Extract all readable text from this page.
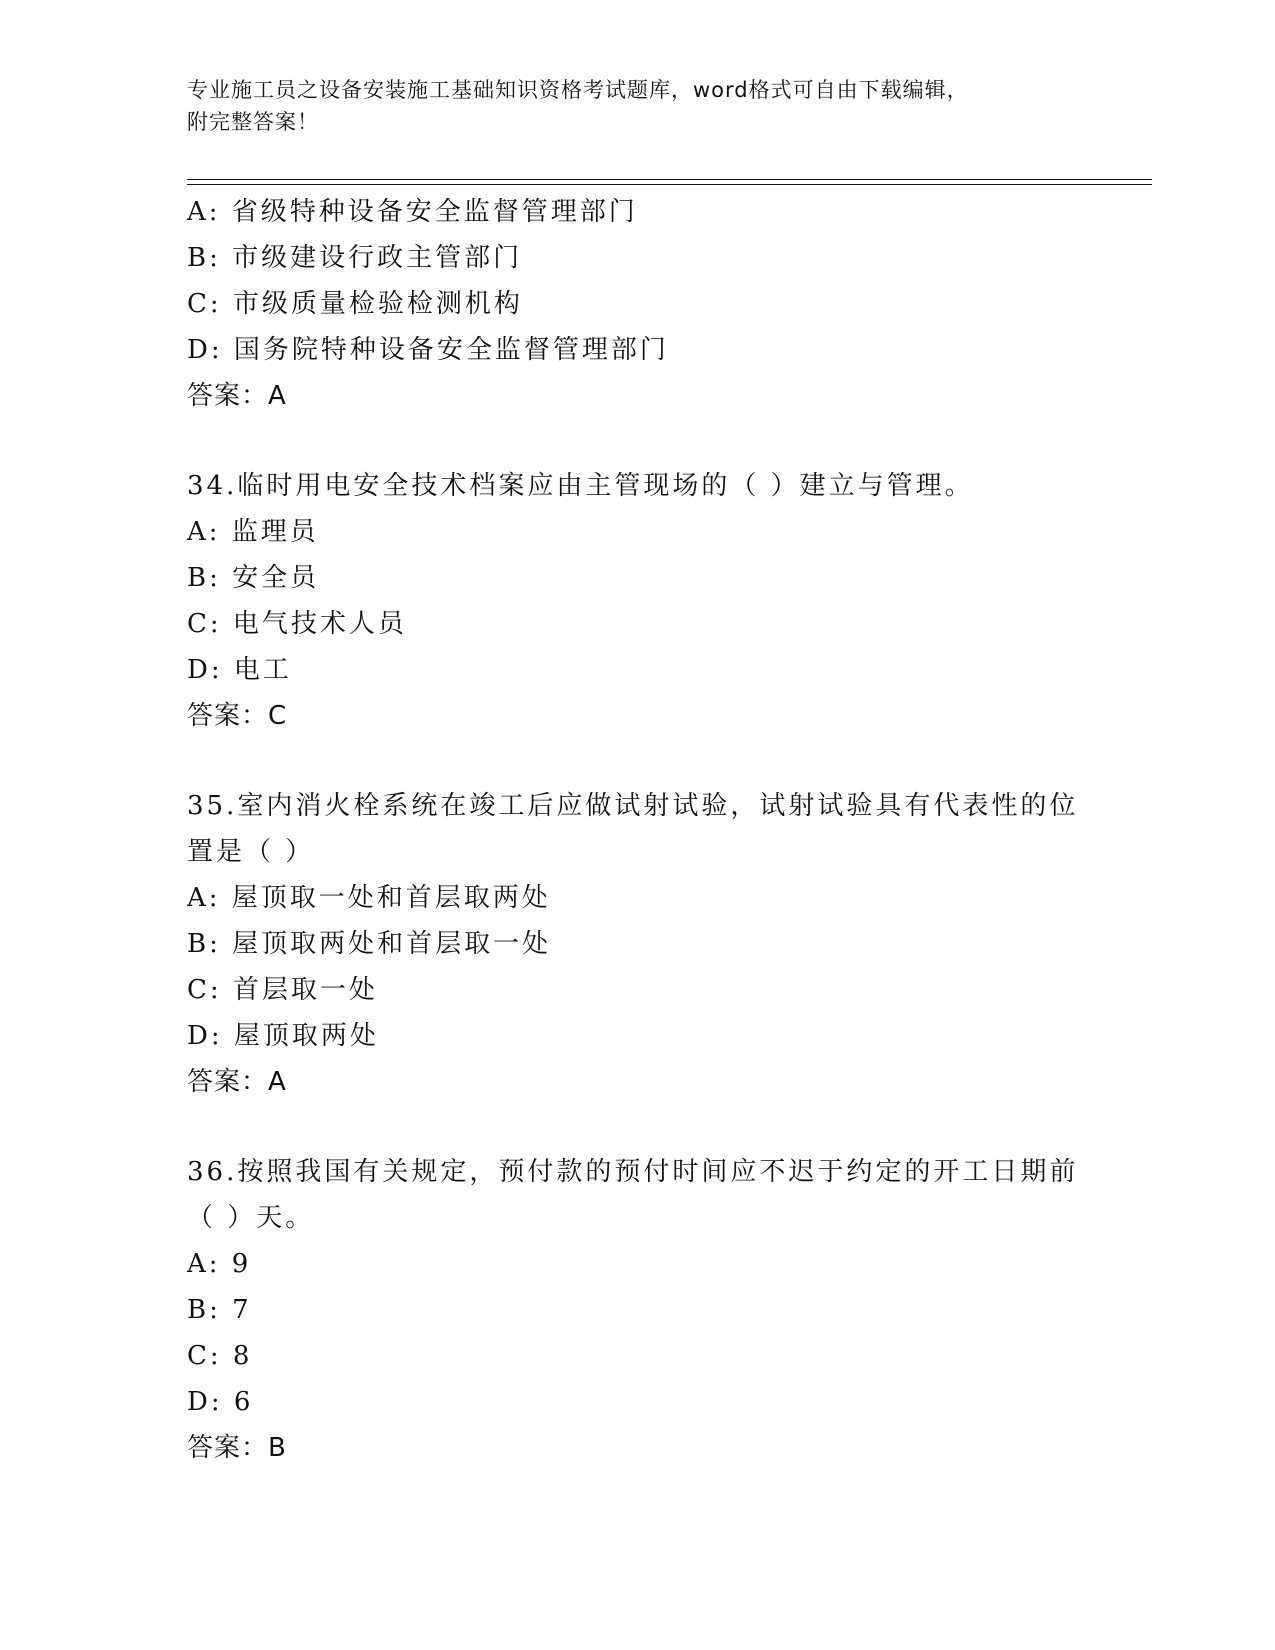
专业施工员之设备安装施工基础知识资格考试题库，word格式可自由下载编辑，
附完整答案！
A: 省级特种设备安全监督管理部门
B: 市级建设行政主管部门
C: 市级质量检验检测机构
D: 国务院特种设备安全监督管理部门
答案：A
34.临时用电安全技术档案应由主管现场的（ ）建立与管理。
A: 监理员
B: 安全员
C: 电气技术人员
D: 电工
答案：C
35.室内消火栓系统在竣工后应做试射试验，试射试验具有代表性的位
置是（ ）
A: 屋顶取一处和首层取两处
B: 屋顶取两处和首层取一处
C: 首层取一处
D: 屋顶取两处
答案：A
36.按照我国有关规定，预付款的预付时间应不迟于约定的开工日期前
（ ）天。
A: 9
B: 7
C: 8
D: 6
答案：B
